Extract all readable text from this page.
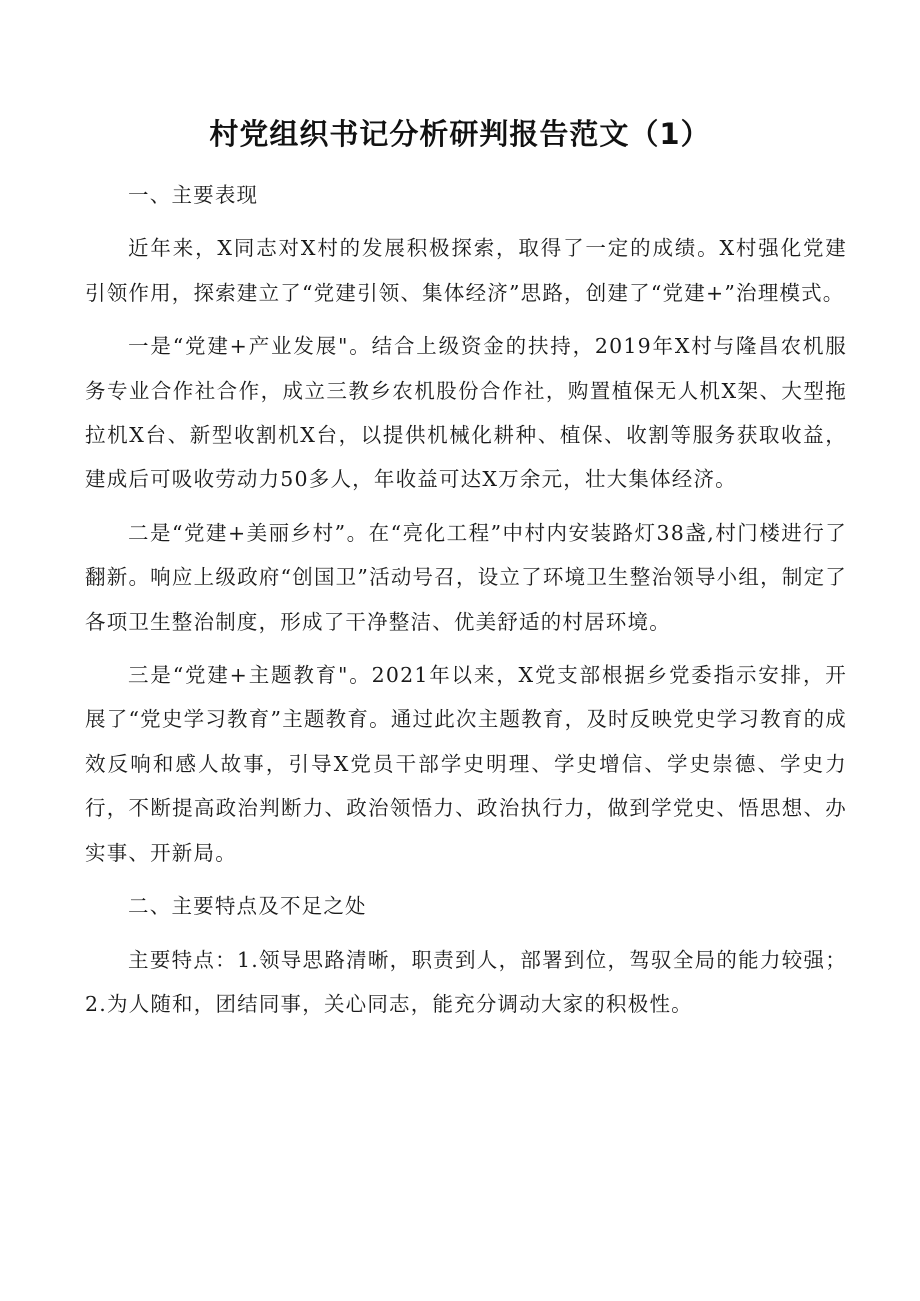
村党组织书记分析研判报告范文（1）

一、主要表现

近年来，X同志对X村的发展积极探索，取得了一定的成绩。X村强化党建引领作用，探索建立了“党建引领、集体经济”思路，创建了“党建+”治理模式。

一是“党建+产业发展"。结合上级资金的扶持，2019年X村与隆昌农机服务专业合作社合作，成立三教乡农机股份合作社，购置植保无人机X架、大型拖拉机X台、新型收割机X台，以提供机械化耕种、植保、收割等服务获取收益，建成后可吸收劳动力50多人，年收益可达X万余元，壮大集体经济。

二是“党建+美丽乡村”。在“亮化工程”中村内安装路灯38盏,村门楼进行了翻新。响应上级政府“创国卫”活动号召，设立了环境卫生整治领导小组，制定了各项卫生整治制度，形成了干净整洁、优美舒适的村居环境。

三是“党建+主题教育"。2021年以来，X党支部根据乡党委指示安排，开展了“党史学习教育”主题教育。通过此次主题教育，及时反映党史学习教育的成效反响和感人故事，引导X党员干部学史明理、学史增信、学史崇德、学史力行，不断提高政治判断力、政治领悟力、政治执行力，做到学党史、悟思想、办实事、开新局。

二、主要特点及不足之处

主要特点：1.领导思路清晰，职责到人，部署到位，驾驭全局的能力较强；2.为人随和，团结同事，关心同志，能充分调动大家的积极性。
